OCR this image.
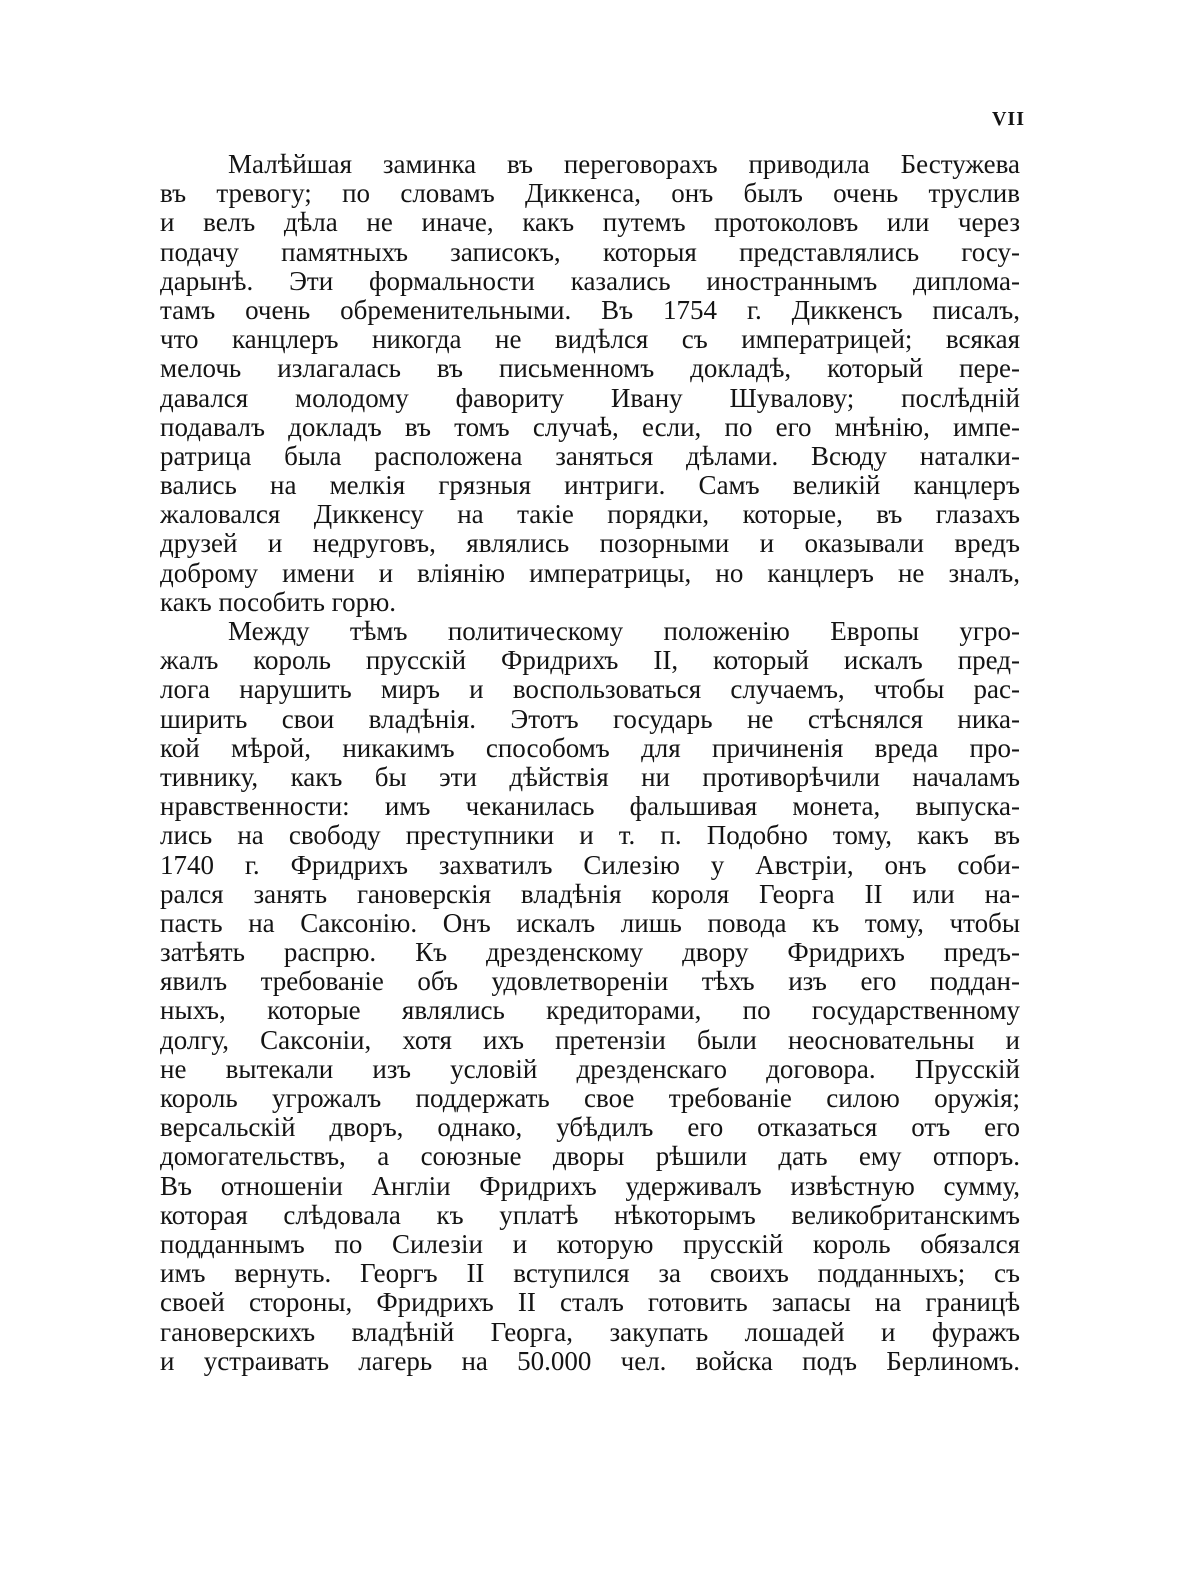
VII
Малѣйшая заминка въ переговорахъ приводила Бестужева
въ тревогу; по словамъ Диккенса, онъ былъ очень труслив
и велъ дѣла не иначе, какъ путемъ протоколовъ или через
подачу памятныхъ записокъ, которыя представлялись госу-
дарынѣ. Эти формальности казались иностраннымъ диплома-
тамъ очень обременительными. Въ 1754 г. Диккенсъ писалъ,
что канцлеръ никогда не видѣлся съ императрицей; всякая
мелочь излагалась въ письменномъ докладѣ, который пере-
давался молодому фавориту Ивану Шувалову; послѣдній
подавалъ докладъ въ томъ случаѣ, если, по его мнѣнію, импе-
ратрица была расположена заняться дѣлами. Всюду наталки-
вались на мелкія грязныя интриги. Самъ великій канцлеръ
жаловался Диккенсу на такіе порядки, которые, въ глазахъ
друзей и недруговъ, являлись позорными и оказывали вредъ
доброму имени и вліянію императрицы, но канцлеръ не зналъ,
какъ пособить горю.
Между тѣмъ политическому положенію Европы угро-
жалъ король прусскій Фридрихъ II, который искалъ пред-
лога нарушить миръ и воспользоваться случаемъ, чтобы рас-
ширить свои владѣнія. Этотъ государь не стѣснялся ника-
кой мѣрой, никакимъ способомъ для причиненія вреда про-
тивнику, какъ бы эти дѣйствія ни противорѣчили началамъ
нравственности: имъ чеканилась фальшивая монета, выпуска-
лись на свободу преступники и т. п. Подобно тому, какъ въ
1740 г. Фридрихъ захватилъ Силезію у Австріи, онъ соби-
рался занять гановерскія владѣнія короля Георга II или на-
пасть на Саксонію. Онъ искалъ лишь повода къ тому, чтобы
затѣять распрю. Къ дрезденскому двору Фридрихъ предъ-
явилъ требованіе объ удовлетвореніи тѣхъ изъ его поддан-
ныхъ, которые являлись кредиторами, по государственному
долгу, Саксоніи, хотя ихъ претензіи были неосновательны и
не вытекали изъ условій дрезденскаго договора. Прусскій
король угрожалъ поддержать свое требованіе силою оружія;
версальскій дворъ, однако, убѣдилъ его отказаться отъ его
домогательствъ, а союзные дворы рѣшили дать ему отпоръ.
Въ отношеніи Англіи Фридрихъ удерживалъ извѣстную сумму,
которая слѣдовала къ уплатѣ нѣкоторымъ великобританскимъ
подданнымъ по Силезіи и которую прусскій король обязался
имъ вернуть. Георгъ II вступился за своихъ подданныхъ; съ
своей стороны, Фридрихъ II сталъ готовить запасы на границѣ
гановерскихъ владѣній Георга, закупать лошадей и фуражъ
и устраивать лагерь на 50.000 чел. войска подъ Берлиномъ.
